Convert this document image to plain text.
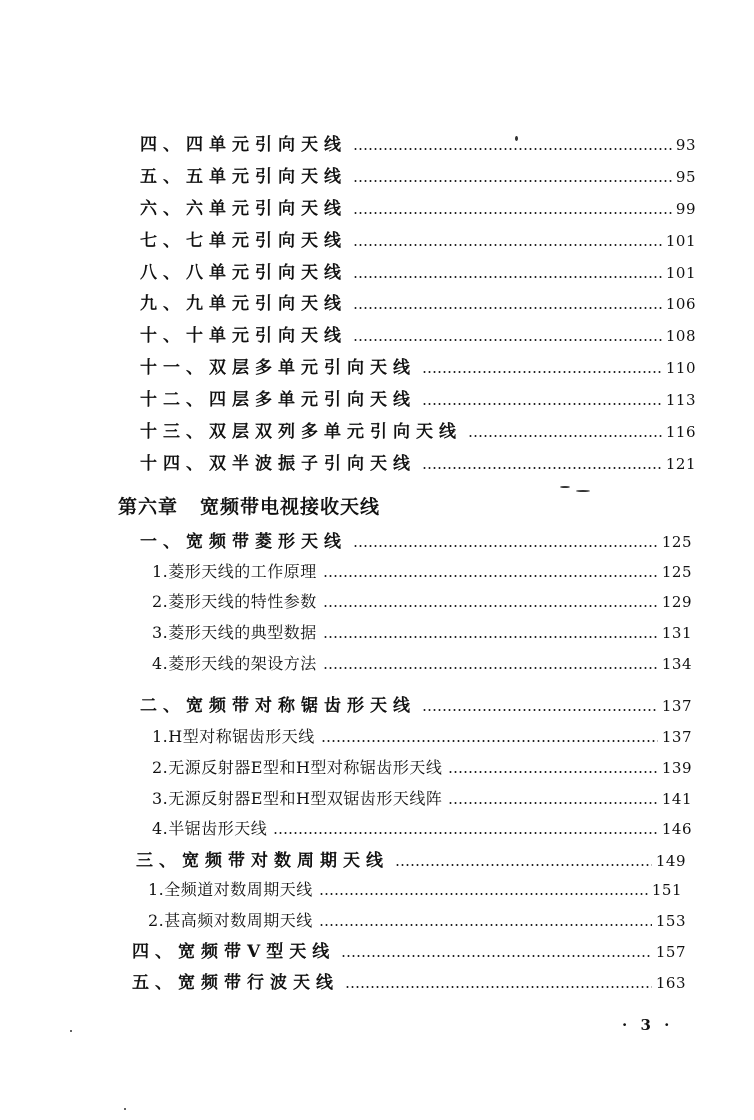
四、四单元引向天线	93
五、五单元引向天线	95
六、六单元引向天线	99
七、七单元引向天线	101
八、八单元引向天线	101
九、九单元引向天线	106
十、十单元引向天线	108
十一、双层多单元引向天线	110
十二、四层多单元引向天线	113
十三、双层双列多单元引向天线	116
十四、双半波振子引向天线	121
第六章 宽频带电视接收天线
一、宽频带菱形天线	125
1.菱形天线的工作原理	125
2.菱形天线的特性参数	129
3.菱形天线的典型数据	131
4.菱形天线的架设方法	134
二、宽频带对称锯齿形天线	137
1.H型对称锯齿形天线	137
2.无源反射器E型和H型对称锯齿形天线	139
3.无源反射器E型和H型双锯齿形天线阵	141
4.半锯齿形天线	146
三、宽频带对数周期天线	149
1.全频道对数周期天线	151
2.甚高频对数周期天线	153
四、宽频带V型天线	157
五、宽频带行波天线	163
· 3 ·
